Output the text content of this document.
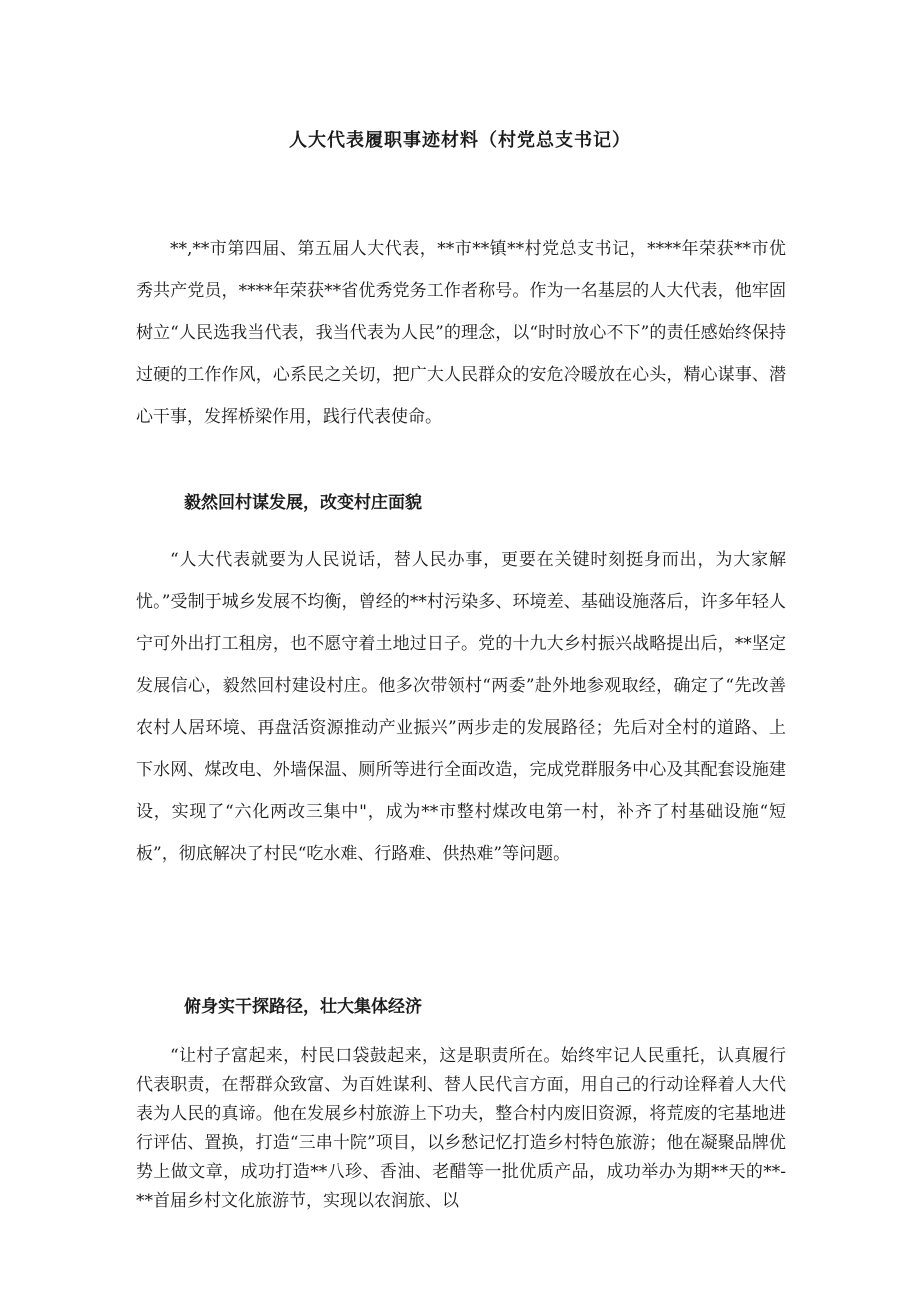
人大代表履职事迹材料（村党总支书记）

**,**市第四届、第五届人大代表，**市**镇**村党总支书记，****年荣获**市优秀共产党员，****年荣获**省优秀党务工作者称号。作为一名基层的人大代表，他牢固树立“人民选我当代表，我当代表为人民”的理念，以“时时放心不下”的责任感始终保持过硬的工作作风，心系民之关切，把广大人民群众的安危冷暖放在心头，精心谋事、潜心干事，发挥桥梁作用，践行代表使命。

毅然回村谋发展，改变村庄面貌

“人大代表就要为人民说话，替人民办事，更要在关键时刻挺身而出，为大家解忧。”受制于城乡发展不均衡，曾经的**村污染多、环境差、基础设施落后，许多年轻人宁可外出打工租房，也不愿守着土地过日子。党的十九大乡村振兴战略提出后，**坚定发展信心，毅然回村建设村庄。他多次带领村“两委”赴外地参观取经，确定了“先改善农村人居环境、再盘活资源推动产业振兴”两步走的发展路径；先后对全村的道路、上下水网、煤改电、外墙保温、厕所等进行全面改造，完成党群服务中心及其配套设施建设，实现了“六化两改三集中"，成为**市整村煤改电第一村，补齐了村基础设施“短板”，彻底解决了村民“吃水难、行路难、供热难”等问题。

俯身实干探路径，壮大集体经济

“让村子富起来，村民口袋鼓起来，这是职责所在。始终牢记人民重托，认真履行代表职责，在帮群众致富、为百姓谋利、替人民代言方面，用自己的行动诠释着人大代表为人民的真谛。他在发展乡村旅游上下功夫，整合村内废旧资源，将荒废的宅基地进行评估、置换，打造“三串十院”项目，以乡愁记忆打造乡村特色旅游；他在凝聚品牌优势上做文章，成功打造**八珍、香油、老醋等一批优质产品，成功举办为期**天的**-**首届乡村文化旅游节，实现以农润旅、以
